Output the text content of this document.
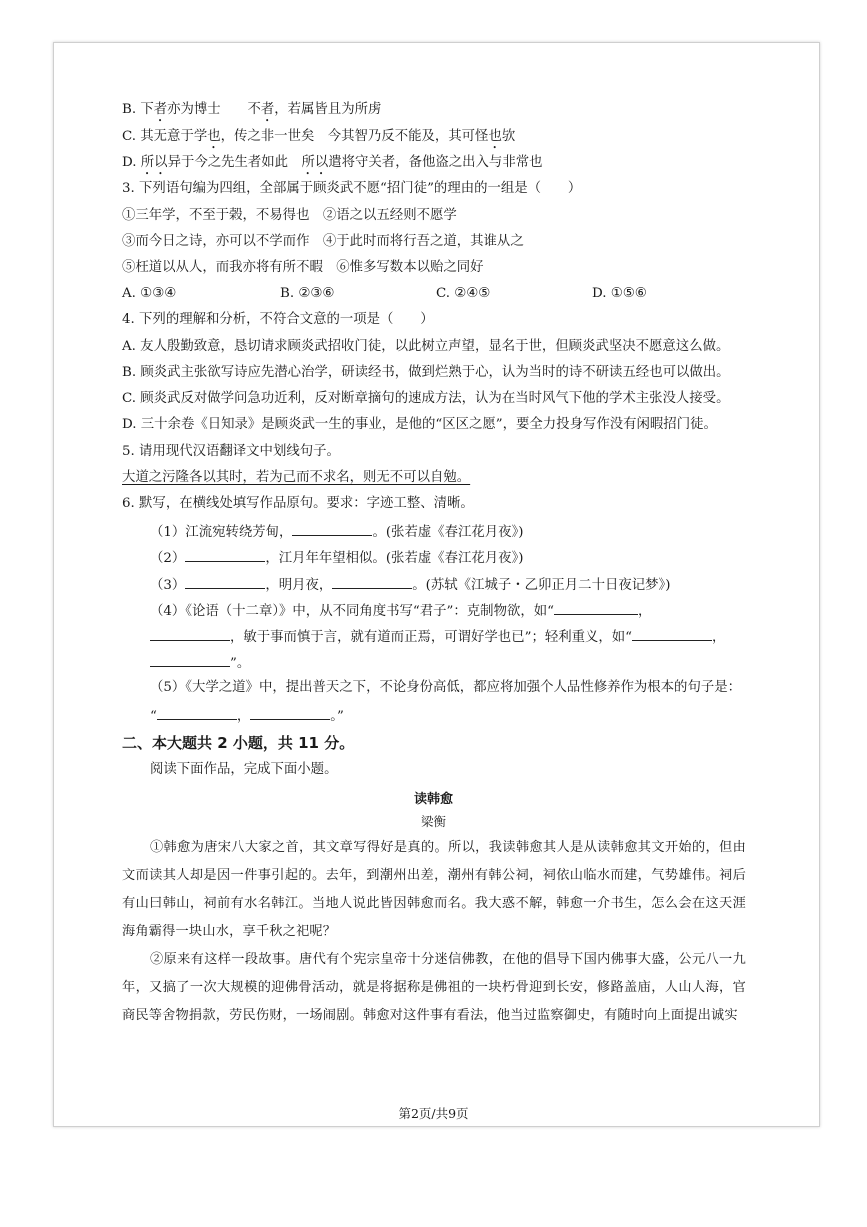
B. 下者亦为博士　　不者，若属皆且为所虏
C. 其无意于学也，传之非一世矣　今其智乃反不能及，其可怪也欤
D. 所以异于今之先生者如此　所以遣将守关者，备他盗之出入与非常也
3. 下列语句编为四组，全部属于顾炎武不愿“招门徒”的理由的一组是（　　）
①三年学，不至于榖，不易得也　②语之以五经则不愿学
③而今日之诗，亦可以不学而作　④于此时而将行吾之道，其谁从之
⑤枉道以从人，而我亦将有所不暇　⑥惟多写数本以贻之同好
A. ①③④	B. ②③⑥	C. ②④⑤	D. ①⑤⑥
4. 下列的理解和分析，不符合文意的一项是（　　）
A. 友人殷勤致意，恳切请求顾炎武招收门徒，以此树立声望，显名于世，但顾炎武坚决不愿意这么做。
B. 顾炎武主张欲写诗应先潜心治学，研读经书，做到烂熟于心，认为当时的诗不研读五经也可以做出。
C. 顾炎武反对做学问急功近利，反对断章摘句的速成方法，认为在当时风气下他的学术主张没人接受。
D. 三十余卷《日知录》是顾炎武一生的事业，是他的“区区之愿”，要全力投身写作没有闲暇招门徒。
5. 请用现代汉语翻译文中划线句子。
大道之污隆各以其时，若为己而不求名，则无不可以自勉。
6. 默写，在横线处填写作品原句。要求：字迹工整、清晰。
（1）江流宛转绕芳甸，	。(张若虚《春江花月夜》)
（2）	，江月年年望相似。(张若虚《春江花月夜》)
（3）	，明月夜，	。(苏轼《江城子・乙卯正月二十日夜记梦》)
（4）《论语（十二章）》中，从不同角度书写“君子”：克制物欲，如“	，
，敏于事而慎于言，就有道而正焉，可谓好学也已”；轻利重义，如“	，
”。
（5）《大学之道》中，提出普天之下，不论身份高低，都应将加强个人品性修养作为根本的句子是：
“	，	。”
二、本大题共 2 小题，共 11 分。
阅读下面作品，完成下面小题。
读韩愈
梁衡
①韩愈为唐宋八大家之首，其文章写得好是真的。所以，我读韩愈其人是从读韩愈其文开始的，但由文而读其人却是因一件事引起的。去年，到潮州出差，潮州有韩公祠，祠依山临水而建，气势雄伟。祠后有山曰韩山，祠前有水名韩江。当地人说此皆因韩愈而名。我大惑不解，韩愈一介书生，怎么会在这天涯海角霸得一块山水，享千秋之祀呢？
②原来有这样一段故事。唐代有个宪宗皇帝十分迷信佛教，在他的倡导下国内佛事大盛，公元八一九年，又搞了一次大规模的迎佛骨活动，就是将据称是佛祖的一块朽骨迎到长安，修路盖庙，人山人海，官商民等舍物捐款，劳民伤财，一场闹剧。韩愈对这件事有看法，他当过监察御史，有随时向上面提出诚实
第2页/共9页
